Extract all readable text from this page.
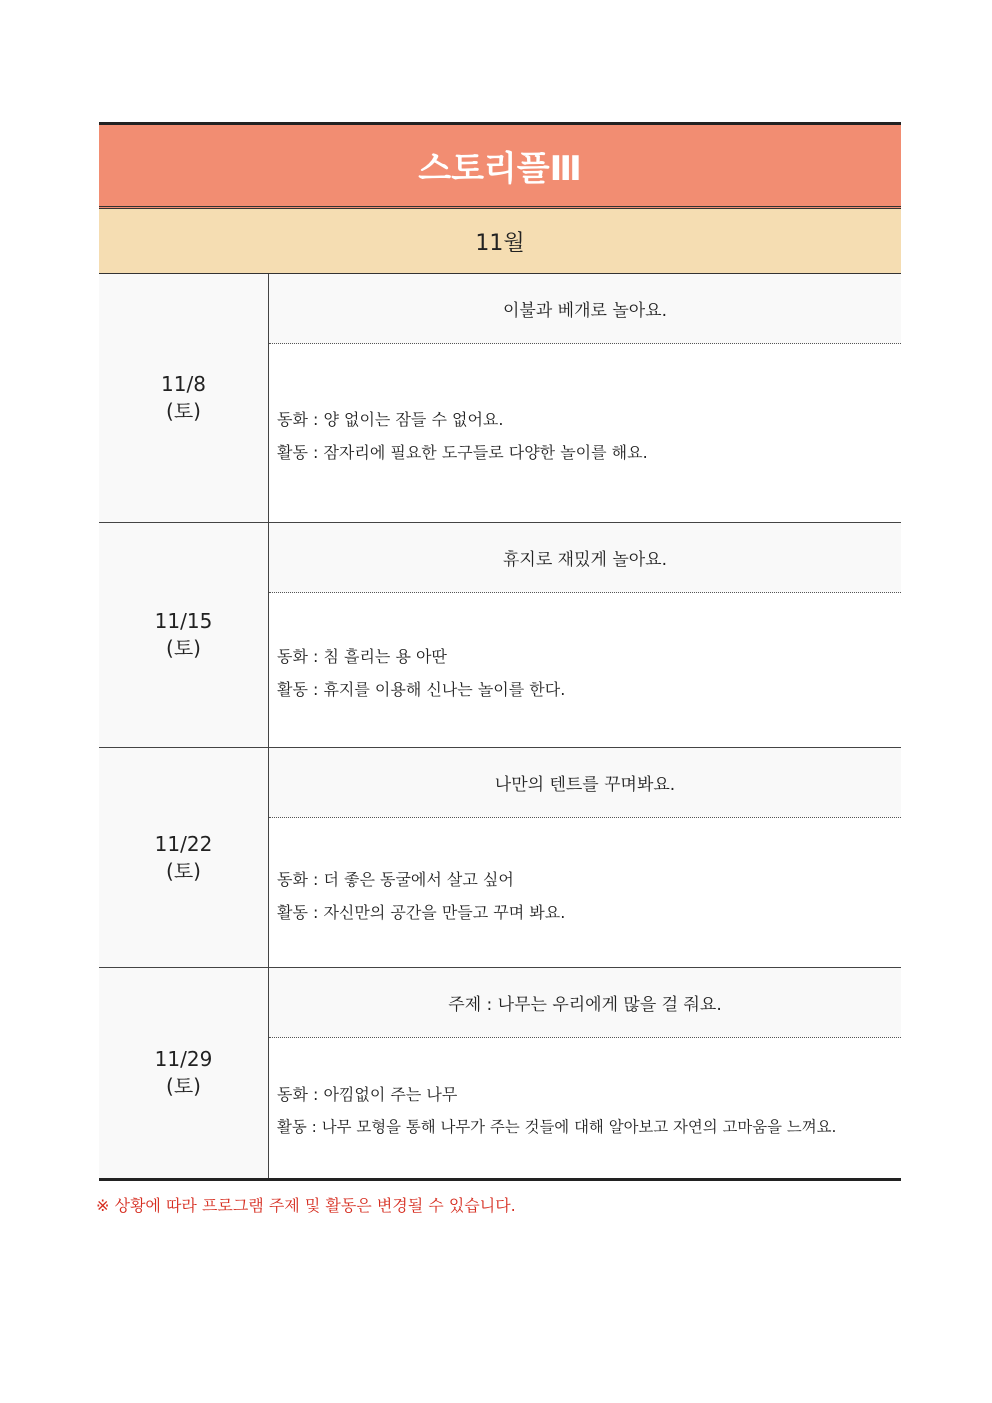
스토리플Ⅲ
11월
11/8
(토)
이불과 베개로 놀아요.
동화 : 양 없이는 잠들 수 없어요.
활동 : 잠자리에 필요한 도구들로 다양한 놀이를 해요.
11/15
(토)
휴지로 재밌게 놀아요.
동화 : 침 흘리는 용 아딴
활동 : 휴지를 이용해 신나는 놀이를 한다.
11/22
(토)
나만의 텐트를 꾸며봐요.
동화 : 더 좋은 동굴에서 살고 싶어
활동 : 자신만의 공간을 만들고 꾸며 봐요.
11/29
(토)
주제 : 나무는 우리에게 많을 걸 줘요.
동화 : 아낌없이 주는 나무
활동 : 나무 모형을 통해 나무가 주는 것들에 대해 알아보고 자연의 고마움을 느껴요.
※ 상황에 따라 프로그램 주제 및 활동은 변경될 수 있습니다.
